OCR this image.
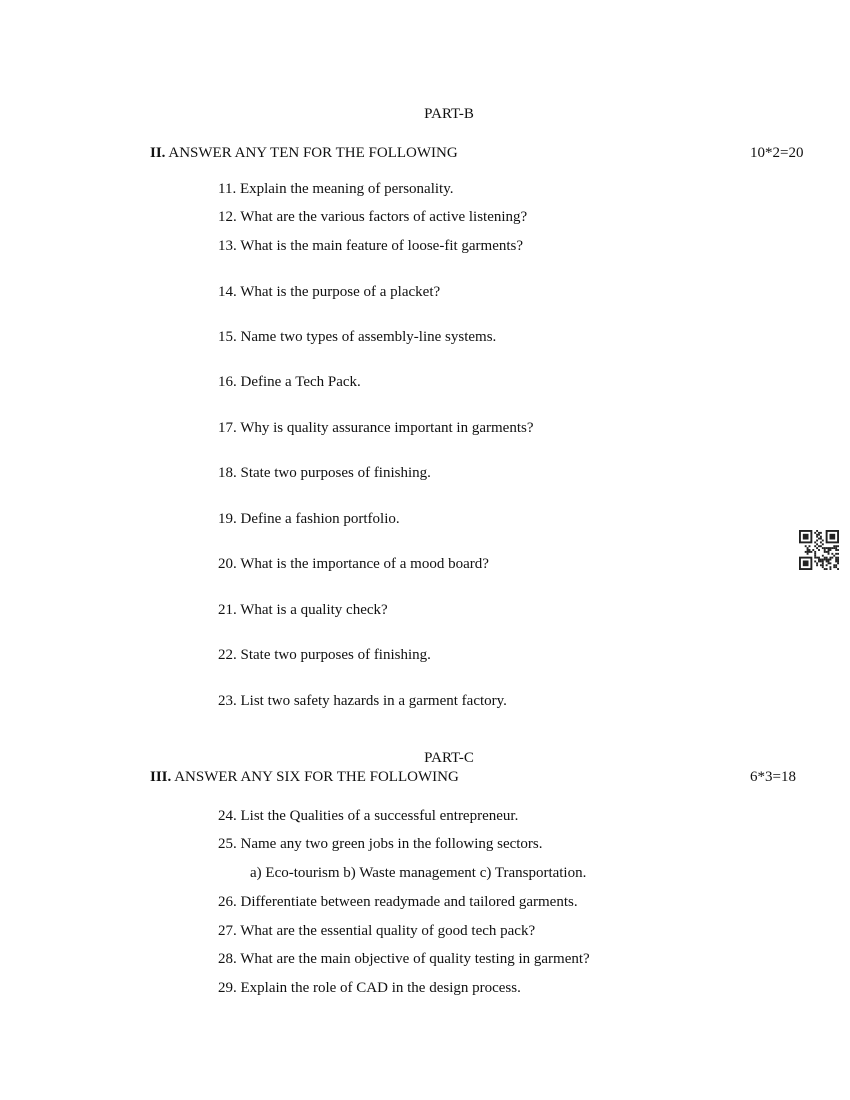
PART-B
II. ANSWER ANY TEN FOR THE FOLLOWING	10*2=20
11. Explain the meaning of personality.
12. What are the various factors of active listening?
13. What is the main feature of loose-fit garments?
14. What is the purpose of a placket?
15. Name two types of assembly-line systems.
16. Define a Tech Pack.
17. Why is quality assurance important in garments?
18. State two purposes of finishing.
19. Define a fashion portfolio.
20. What is the importance of a mood board?
21. What is a quality check?
22. State two purposes of finishing.
23. List two safety hazards in a garment factory.
PART-C
III. ANSWER ANY SIX FOR THE FOLLOWING	6*3=18
24. List the Qualities of a successful entrepreneur.
25. Name any two green jobs in the following sectors.
a) Eco-tourism b) Waste management c) Transportation.
26. Differentiate between readymade and tailored garments.
27. What are the essential quality of good tech pack?
28. What are the main objective of quality testing in garment?
29. Explain the role of CAD in the design process.
